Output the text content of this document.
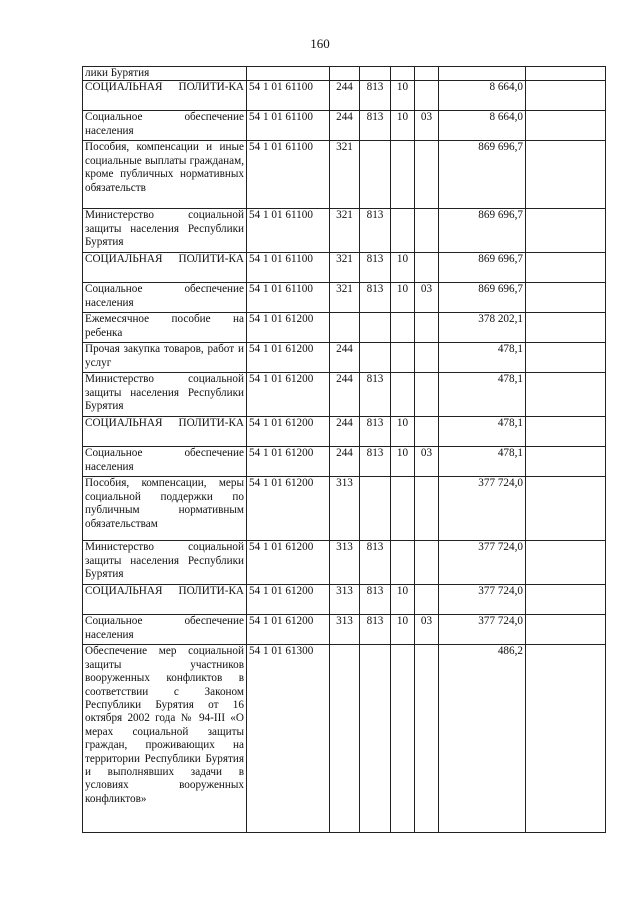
160
лики Бурятия							
СОЦИАЛЬНАЯ ПОЛИТИ-КА	54 1 01 61100	244	813	10		8 664,0	
Социальное обеспечение населения	54 1 01 61100	244	813	10	03	8 664,0	
Пособия, компенсации и иные социальные выплаты гражданам, кроме публичных нормативных обязательств	54 1 01 61100	321				869 696,7	
Министерство социальной защиты населения Республики Бурятия	54 1 01 61100	321	813			869 696,7	
СОЦИАЛЬНАЯ ПОЛИТИ-КА	54 1 01 61100	321	813	10		869 696,7	
Социальное обеспечение населения	54 1 01 61100	321	813	10	03	869 696,7	
Ежемесячное пособие на ребенка	54 1 01 61200					378 202,1	
Прочая закупка товаров, работ и услуг	54 1 01 61200	244				478,1	
Министерство социальной защиты населения Республики Бурятия	54 1 01 61200	244	813			478,1	
СОЦИАЛЬНАЯ ПОЛИТИ-КА	54 1 01 61200	244	813	10		478,1	
Социальное обеспечение населения	54 1 01 61200	244	813	10	03	478,1	
Пособия, компенсации, меры социальной поддержки по публичным нормативным обязательствам	54 1 01 61200	313				377 724,0	
Министерство социальной защиты населения Республики Бурятия	54 1 01 61200	313	813			377 724,0	
СОЦИАЛЬНАЯ ПОЛИТИ-КА	54 1 01 61200	313	813	10		377 724,0	
Социальное обеспечение населения	54 1 01 61200	313	813	10	03	377 724,0	
Обеспечение мер социальной защиты участников вооруженных конфликтов в соответствии с Законом Республики Бурятия от 16 октября 2002 года № 94-III «О мерах социальной защиты граждан, проживающих на территории Республики Бурятия и выполнявших задачи в условиях вооруженных конфликтов»	54 1 01 61300					486,2	
